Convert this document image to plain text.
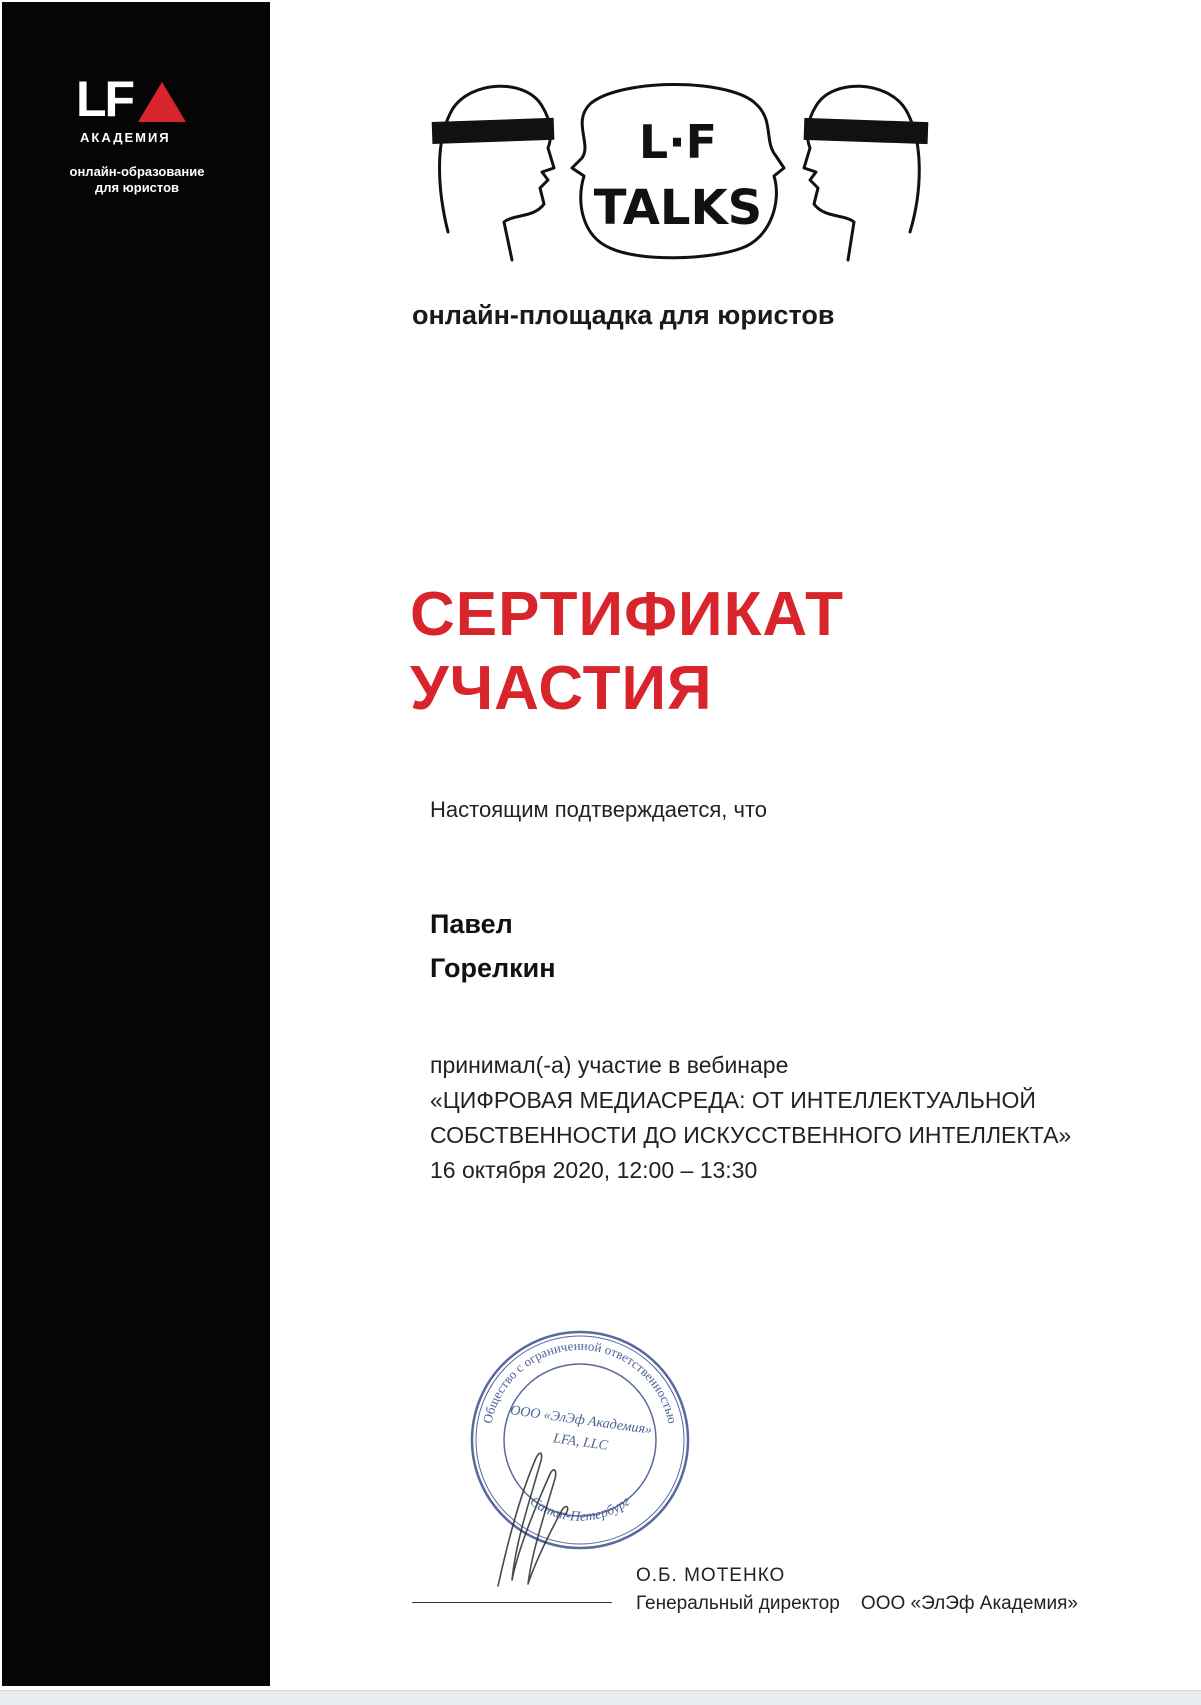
LF
АКАДЕМИЯ
онлайн-образование
для юристов
L·F
TALKS
онлайн-площадка для юристов
СЕРТИФИКАТ
УЧАСТИЯ
Настоящим подтверждается, что
Павел
Горелкин
принимал(-а) участие в вебинаре
«ЦИФРОВАЯ МЕДИАСРЕДА: ОТ ИНТЕЛЛЕКТУАЛЬНОЙ
СОБСТВЕННОСТИ ДО ИСКУССТВЕННОГО ИНТЕЛЛЕКТА»
16 октября 2020, 12:00 – 13:30
Общество с ограниченной ответственностью
ООО «ЭлЭф Академия»
LFA, LLC
Санкт-Петербург
О.Б. МОТЕНКО
Генеральный директор ООО «ЭлЭф Академия»
